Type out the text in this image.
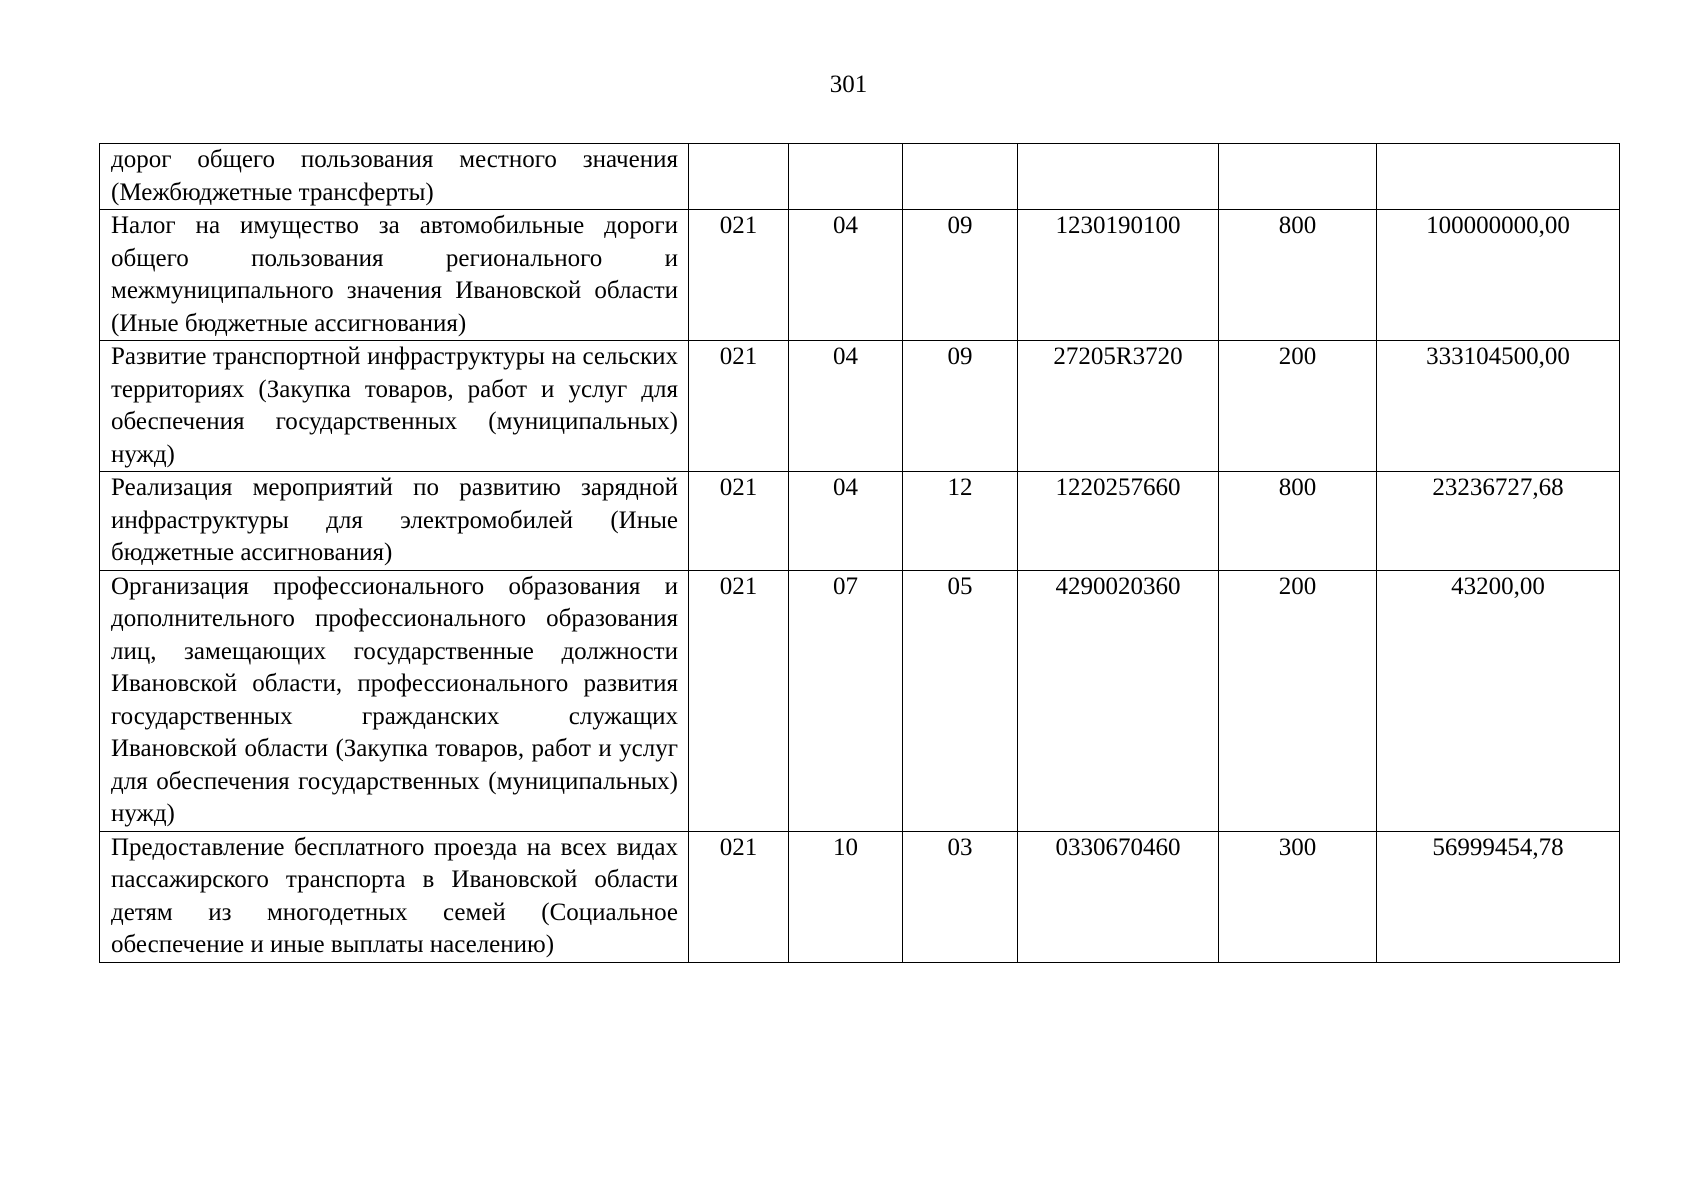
301
дорог общего пользования местного значения (Межбюджетные трансферты)						
Налог на имущество за автомобильные дороги общего пользования регионального и межмуниципального значения Ивановской области (Иные бюджетные ассигнования)	021	04	09	1230190100	800	100000000,00
Развитие транспортной инфраструктуры на сельских территориях (Закупка товаров, работ и услуг для обеспечения государственных (муниципальных) нужд)	021	04	09	27205R3720	200	333104500,00
Реализация мероприятий по развитию зарядной инфраструктуры для электромобилей (Иные бюджетные ассигнования)	021	04	12	1220257660	800	23236727,68
Организация профессионального образования и дополнительного профессионального образования лиц, замещающих государственные должности Ивановской области, профессионального развития государственных гражданских служащих Ивановской области (Закупка товаров, работ и услуг для обеспечения государственных (муниципальных) нужд)	021	07	05	4290020360	200	43200,00
Предоставление бесплатного проезда на всех видах пассажирского транспорта в Ивановской области детям из многодетных семей (Социальное обеспечение и иные выплаты населению)	021	10	03	0330670460	300	56999454,78
